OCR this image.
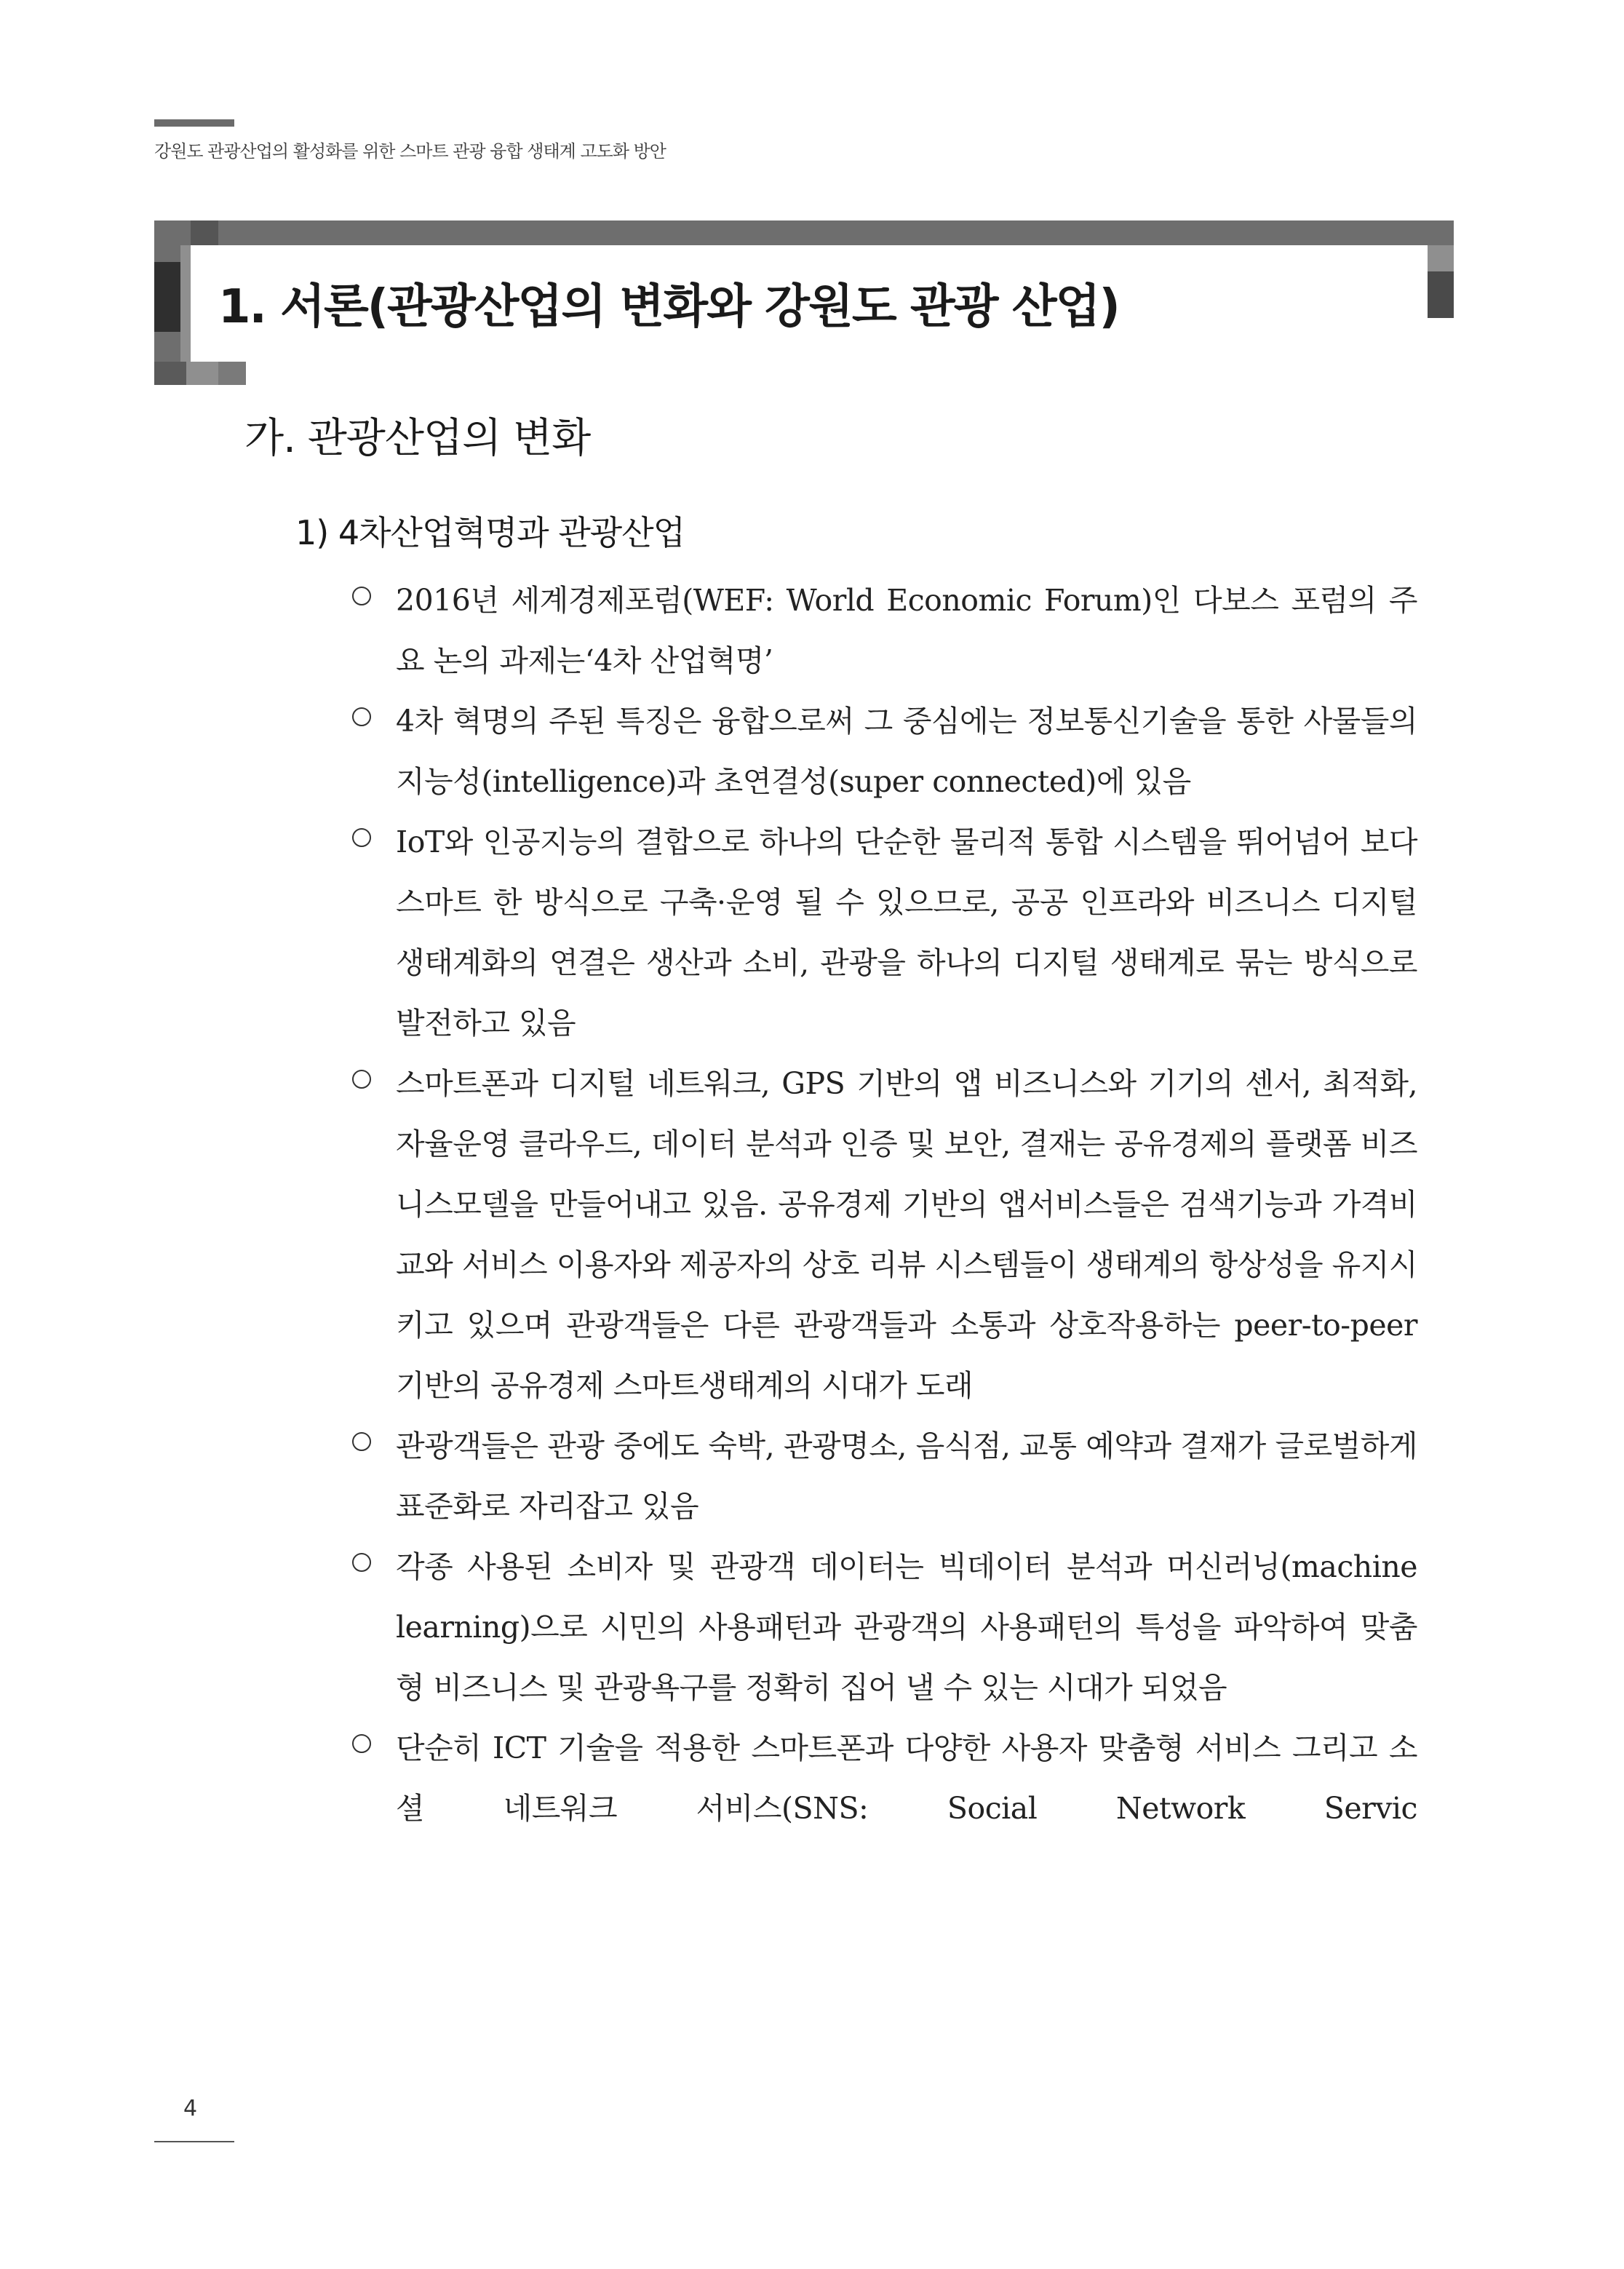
강원도 관광산업의 활성화를 위한 스마트 관광 융합 생태계 고도화 방안
1. 서론(관광산업의 변화와 강원도 관광 산업)
가. 관광산업의 변화
1) 4차산업혁명과 관광산업
2016년 세계경제포럼(WEF: World Economic Forum)인 다보스 포럼의 주요 논의 과제는‘4차 산업혁명’
4차 혁명의 주된 특징은 융합으로써 그 중심에는 정보통신기술을 통한 사물들의 지능성(intelligence)과 초연결성(super connected)에 있음
IoT와 인공지능의 결합으로 하나의 단순한 물리적 통합 시스템을 뛰어넘어 보다 스마트 한 방식으로 구축·운영 될 수 있으므로, 공공 인프라와 비즈니스 디지털 생태계화의 연결은 생산과 소비, 관광을 하나의 디지털 생태계로 묶는 방식으로 발전하고 있음
스마트폰과 디지털 네트워크, GPS 기반의 앱 비즈니스와 기기의 센서, 최적화, 자율운영 클라우드, 데이터 분석과 인증 및 보안, 결재는 공유경제의 플랫폼 비즈니스모델을 만들어내고 있음. 공유경제 기반의 앱서비스들은 검색기능과 가격비교와 서비스 이용자와 제공자의 상호 리뷰 시스템들이 생태계의 항상성을 유지시키고 있으며 관광객들은 다른 관광객들과 소통과 상호작용하는 peer-to-peer 기반의 공유경제 스마트생태계의 시대가 도래
관광객들은 관광 중에도 숙박, 관광명소, 음식점, 교통 예약과 결재가 글로벌하게 표준화로 자리잡고 있음
각종 사용된 소비자 및 관광객 데이터는 빅데이터 분석과 머신러닝(machine learning)으로 시민의 사용패턴과 관광객의 사용패턴의 특성을 파악하여 맞춤형 비즈니스 및 관광욕구를 정확히 집어 낼 수 있는 시대가 되었음
단순히 ICT 기술을 적용한 스마트폰과 다양한 사용자 맞춤형 서비스 그리고 소셜 네트워크 서비스(SNS: Social Network Servic
4
